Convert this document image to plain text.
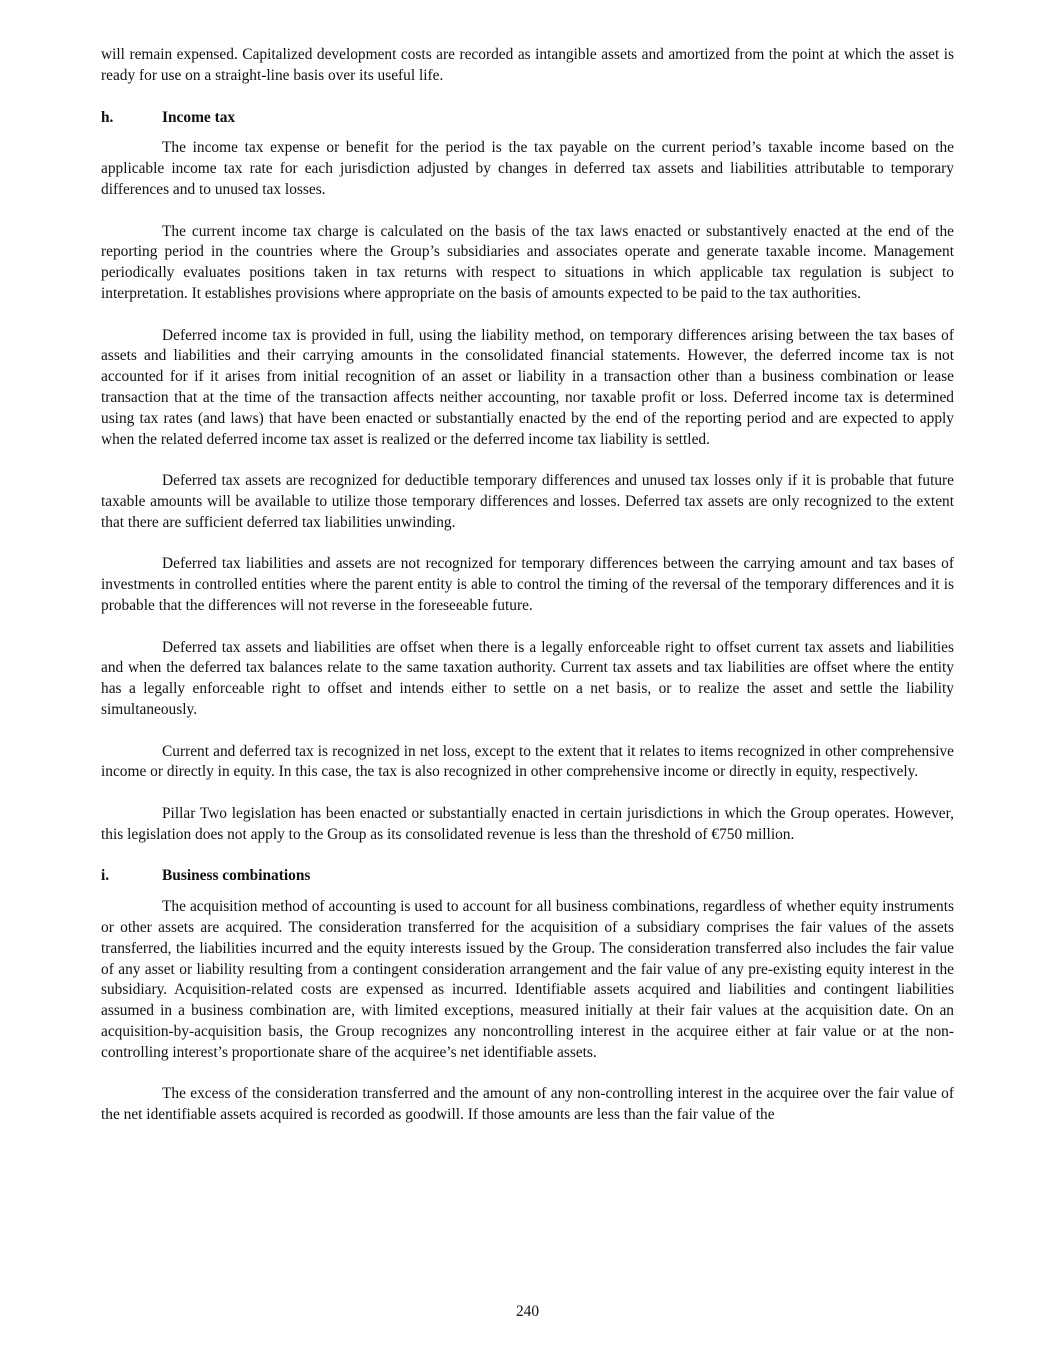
will remain expensed. Capitalized development costs are recorded as intangible assets and amortized from the point at which the asset is ready for use on a straight-line basis over its useful life.

h.	Income tax

The income tax expense or benefit for the period is the tax payable on the current period’s taxable income based on the applicable income tax rate for each jurisdiction adjusted by changes in deferred tax assets and liabilities attributable to temporary differences and to unused tax losses.

The current income tax charge is calculated on the basis of the tax laws enacted or substantively enacted at the end of the reporting period in the countries where the Group’s subsidiaries and associates operate and generate taxable income. Management periodically evaluates positions taken in tax returns with respect to situations in which applicable tax regulation is subject to interpretation. It establishes provisions where appropriate on the basis of amounts expected to be paid to the tax authorities.

Deferred income tax is provided in full, using the liability method, on temporary differences arising between the tax bases of assets and liabilities and their carrying amounts in the consolidated financial statements. However, the deferred income tax is not accounted for if it arises from initial recognition of an asset or liability in a transaction other than a business combination or lease transaction that at the time of the transaction affects neither accounting, nor taxable profit or loss. Deferred income tax is determined using tax rates (and laws) that have been enacted or substantially enacted by the end of the reporting period and are expected to apply when the related deferred income tax asset is realized or the deferred income tax liability is settled.

Deferred tax assets are recognized for deductible temporary differences and unused tax losses only if it is probable that future taxable amounts will be available to utilize those temporary differences and losses. Deferred tax assets are only recognized to the extent that there are sufficient deferred tax liabilities unwinding.

Deferred tax liabilities and assets are not recognized for temporary differences between the carrying amount and tax bases of investments in controlled entities where the parent entity is able to control the timing of the reversal of the temporary differences and it is probable that the differences will not reverse in the foreseeable future.

Deferred tax assets and liabilities are offset when there is a legally enforceable right to offset current tax assets and liabilities and when the deferred tax balances relate to the same taxation authority. Current tax assets and tax liabilities are offset where the entity has a legally enforceable right to offset and intends either to settle on a net basis, or to realize the asset and settle the liability simultaneously.

Current and deferred tax is recognized in net loss, except to the extent that it relates to items recognized in other comprehensive income or directly in equity. In this case, the tax is also recognized in other comprehensive income or directly in equity, respectively.

Pillar Two legislation has been enacted or substantially enacted in certain jurisdictions in which the Group operates. However, this legislation does not apply to the Group as its consolidated revenue is less than the threshold of €750 million.

i.	Business combinations

The acquisition method of accounting is used to account for all business combinations, regardless of whether equity instruments or other assets are acquired. The consideration transferred for the acquisition of a subsidiary comprises the fair values of the assets transferred, the liabilities incurred and the equity interests issued by the Group. The consideration transferred also includes the fair value of any asset or liability resulting from a contingent consideration arrangement and the fair value of any pre-existing equity interest in the subsidiary. Acquisition-related costs are expensed as incurred. Identifiable assets acquired and liabilities and contingent liabilities assumed in a business combination are, with limited exceptions, measured initially at their fair values at the acquisition date. On an acquisition-by-acquisition basis, the Group recognizes any noncontrolling interest in the acquiree either at fair value or at the non-controlling interest’s proportionate share of the acquiree’s net identifiable assets.

The excess of the consideration transferred and the amount of any non-controlling interest in the acquiree over the fair value of the net identifiable assets acquired is recorded as goodwill. If those amounts are less than the fair value of the

240
